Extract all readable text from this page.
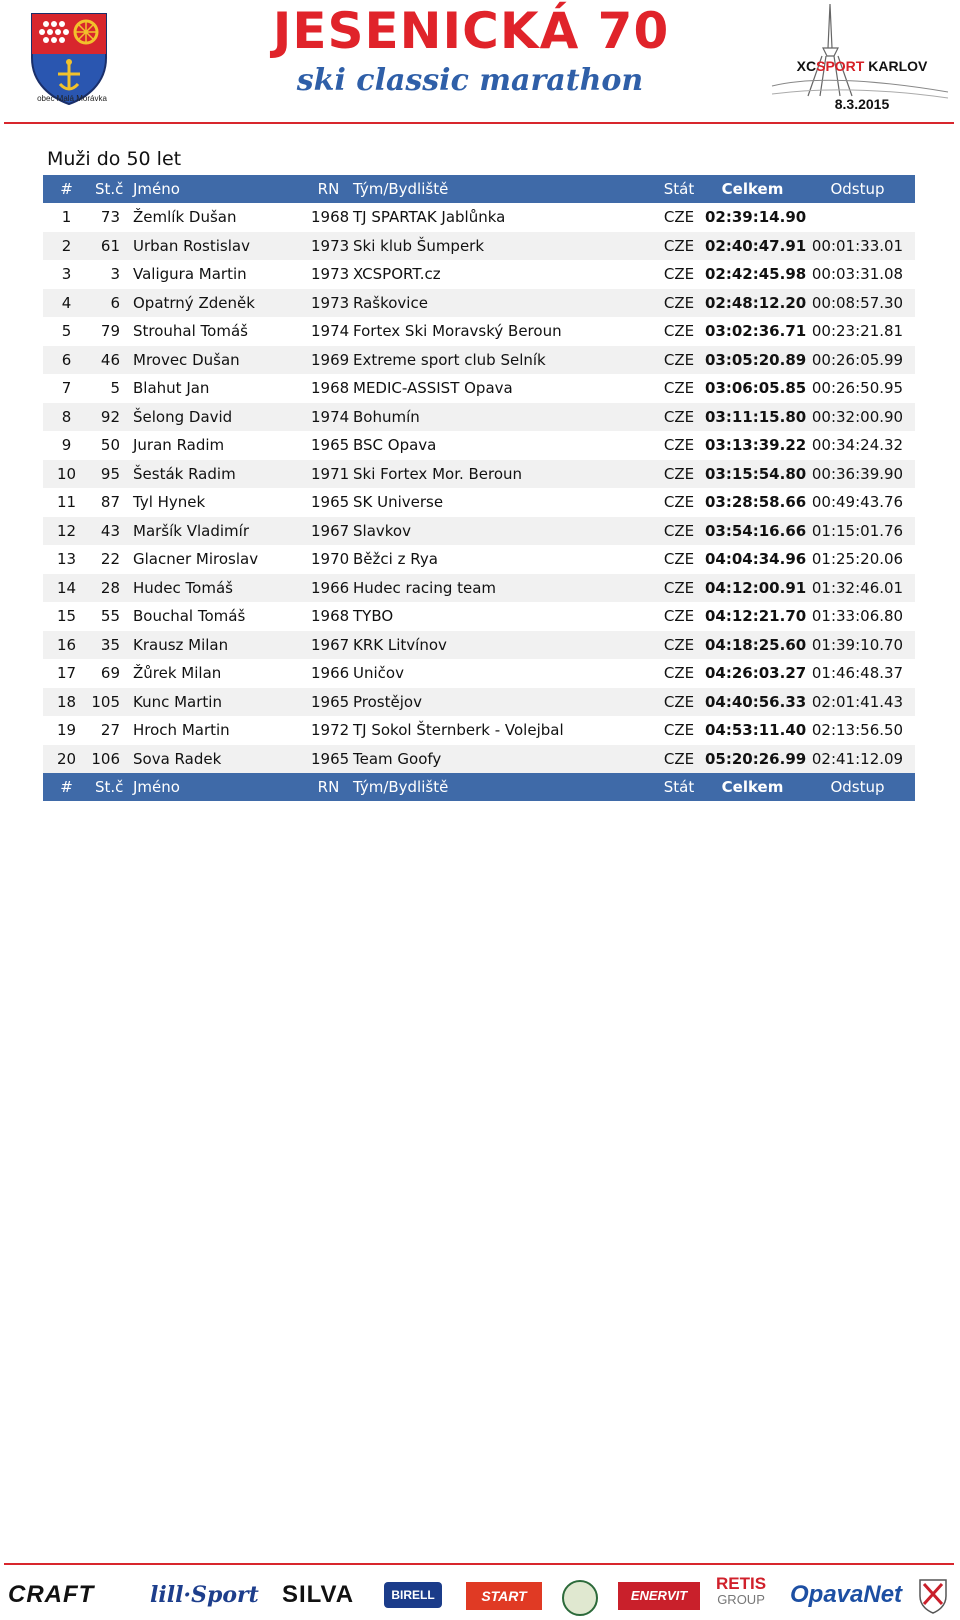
obec Malá Morávka
JESENICKÁ 70
ski classic marathon	XCSPORT KARLOV
8.3.2015
Muži do 50 let
#	St.č Jméno	RN Tým/Bydliště	Stát	Celkem	Odstup
1	73 Žemlík Dušan	1968 TJ SPARTAK Jablůnka	CZE 02:39:14.90
2	61 Urban Rostislav	1973 Ski klub Šumperk	CZE 02:40:47.91 00:01:33.01
3	3 Valigura Martin	1973 XCSPORT.cz	CZE 02:42:45.98 00:03:31.08
4	6 Opatrný Zdeněk	1973 Raškovice	CZE 02:48:12.20 00:08:57.30
5	79 Strouhal Tomáš	1974 Fortex Ski Moravský Beroun	CZE 03:02:36.71 00:23:21.81
6	46 Mrovec Dušan	1969 Extreme sport club Selník	CZE 03:05:20.89 00:26:05.99
7	5 Blahut Jan	1968 MEDIC-ASSIST Opava	CZE 03:06:05.85 00:26:50.95
8	92 Šelong David	1974 Bohumín	CZE 03:11:15.80 00:32:00.90
9	50 Juran Radim	1965 BSC Opava	CZE 03:13:39.22 00:34:24.32
10	95 Šesták Radim	1971 Ski Fortex Mor. Beroun	CZE 03:15:54.80 00:36:39.90
11	87 Tyl Hynek	1965 SK Universe	CZE 03:28:58.66 00:49:43.76
12	43 Maršík Vladimír	1967 Slavkov	CZE 03:54:16.66 01:15:01.76
13	22 Glacner Miroslav	1970 Běžci z Rya	CZE 04:04:34.96 01:25:20.06
14	28 Hudec Tomáš	1966 Hudec racing team	CZE 04:12:00.91 01:32:46.01
15	55 Bouchal Tomáš	1968 TYBO	CZE 04:12:21.70 01:33:06.80
16	35 Krausz Milan	1967 KRK Litvínov	CZE 04:18:25.60 01:39:10.70
17	69 Žůrek Milan	1966 Uničov	CZE 04:26:03.27 01:46:48.37
18	105 Kunc Martin	1965 Prostějov	CZE 04:40:56.33 02:01:41.43
19	27 Hroch Martin	1972 TJ Sokol Šternberk - Volejbal	CZE 04:53:11.40 02:13:56.50
20	106 Sova Radek	1965 Team Goofy	CZE 05:20:26.99 02:41:12.09
#	St.č Jméno	RN Tým/Bydliště	Stát	Celkem	Odstup
CRAFT	lill·Sport SILVA	BIRELL	START	ENERVIT
RETIS
GROUP OpavaNet
